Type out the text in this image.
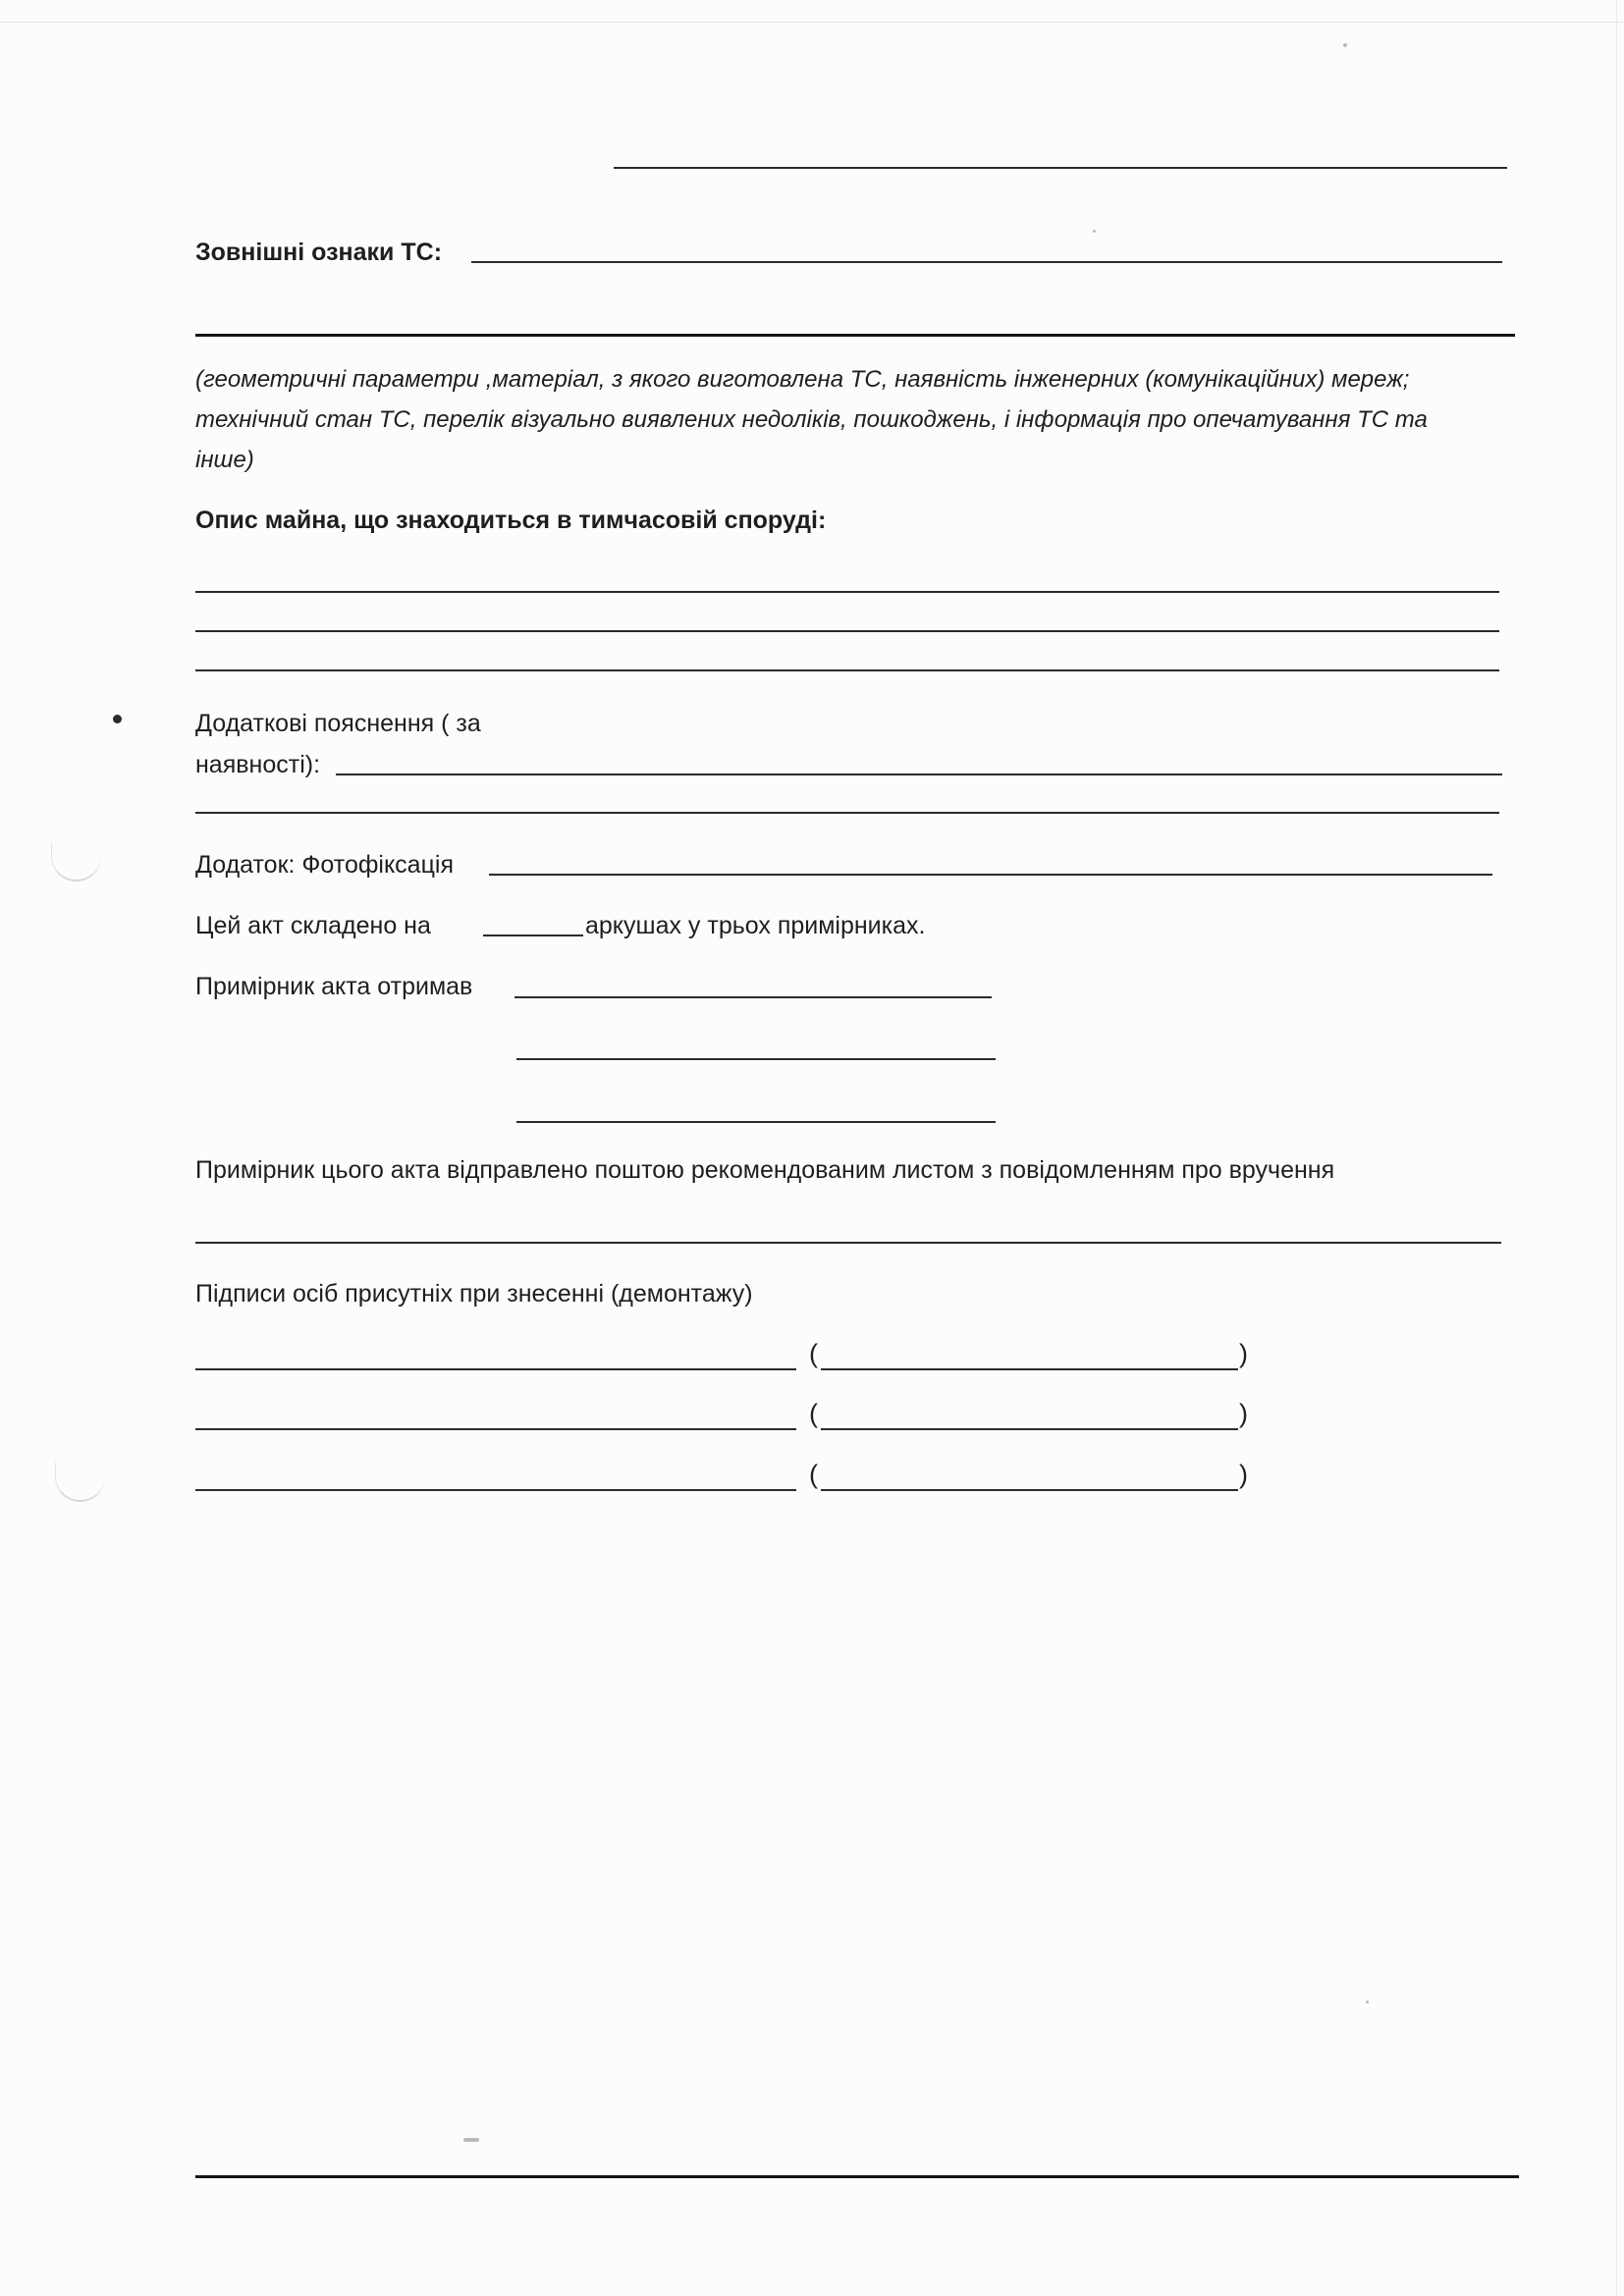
Зовнішні ознаки ТС:
(геометричні параметри ,матеріал, з якого виготовлена ТС, наявність інженерних (комунікаційних) мереж; технічний стан ТС, перелік візуально виявлених недоліків, пошкоджень, і інформація про опечатування ТС та інше)
Опис майна, що знаходиться в тимчасовій споруді:
Додаткові пояснення ( за
наявності):
Додаток: Фотофіксація
Цей акт складено на	аркушах у трьох примірниках.
Примірник акта отримав
Примірник цього акта відправлено поштою рекомендованим листом з повідомленням про вручення
Підписи осіб присутніх при знесенні (демонтажу)
(	)
(	)
(	)
